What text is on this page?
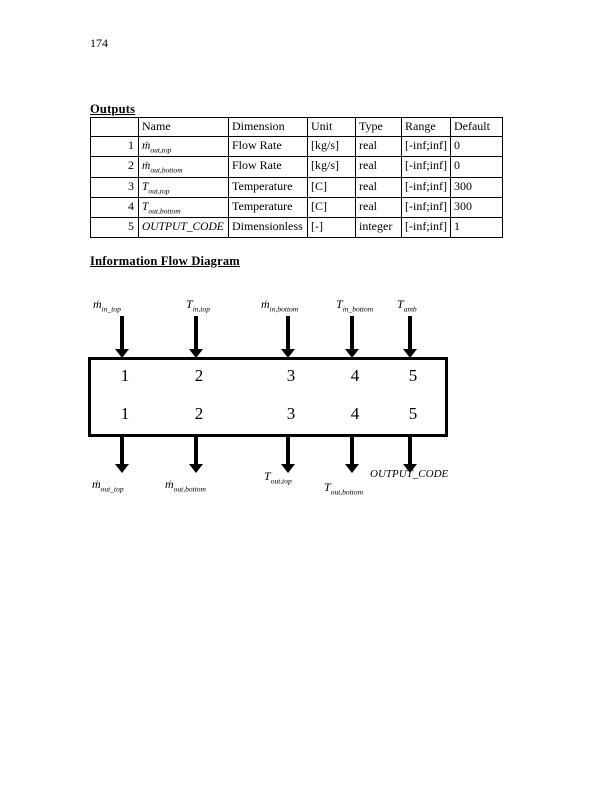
174
Outputs
	Name	Dimension	Unit	Type	Range	Default
1	ṁ$_{out,top}$	Flow Rate	[kg/s]	real	[-inf;inf]	0
2	ṁ$_{out,bottom}$	Flow Rate	[kg/s]	real	[-inf;inf]	0
3	$T_{out,top}$	Temperature	[C]	real	[-inf;inf]	300
4	$T_{out,bottom}$	Temperature	[C]	real	[-inf;inf]	300
5	OUTPUT_CODE	Dimensionless	[-]	integer	[-inf;inf]	1
Information Flow Diagram
ṁ$_{in\_top}$	$T_{in,top}$	ṁ$_{in,bottom}$	$T_{in\_bottom}$ $T_{amb}$
1	2	3	4	5
1	2	3	4	5
ṁ$_{out\_top}$	ṁ$_{out,bottom}$
$T_{out,top}$	$T_{out,bottom}$
OUTPUT_CODE
